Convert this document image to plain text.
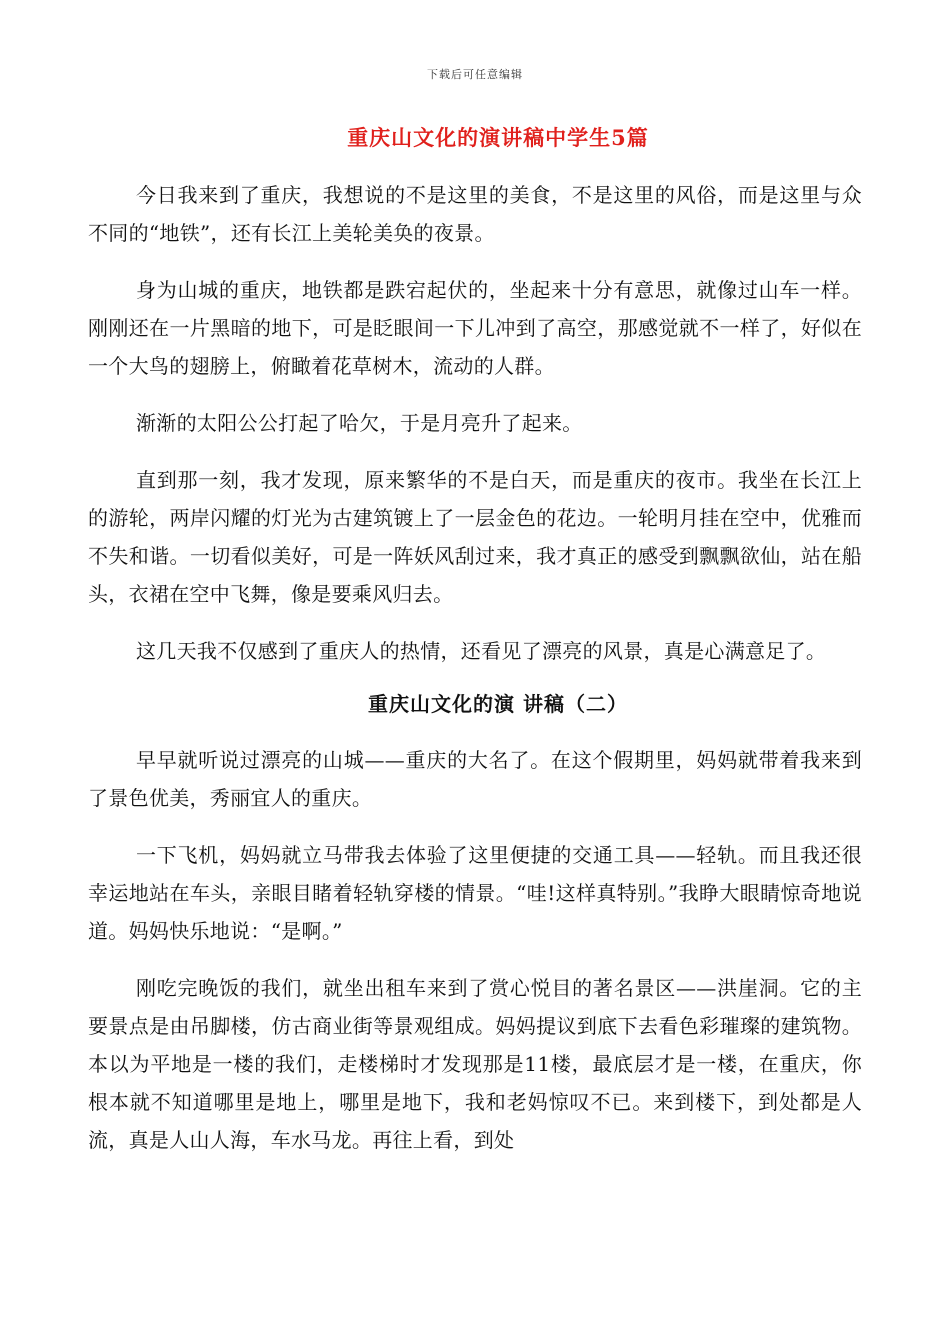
下载后可任意编辑
重庆山文化的演讲稿中学生5篇

今日我来到了重庆，我想说的不是这里的美食，不是这里的风俗，而是这里与众不同的“地铁”，还有长江上美轮美奂的夜景。

身为山城的重庆，地铁都是跌宕起伏的，坐起来十分有意思，就像过山车一样。刚刚还在一片黑暗的地下，可是眨眼间一下儿冲到了高空，那感觉就不一样了，好似在一个大鸟的翅膀上，俯瞰着花草树木，流动的人群。

渐渐的太阳公公打起了哈欠，于是月亮升了起来。

直到那一刻，我才发现，原来繁华的不是白天，而是重庆的夜市。我坐在长江上的游轮，两岸闪耀的灯光为古建筑镀上了一层金色的花边。一轮明月挂在空中，优雅而不失和谐。一切看似美好，可是一阵妖风刮过来，我才真正的感受到飘飘欲仙，站在船头，衣裙在空中飞舞，像是要乘风归去。

这几天我不仅感到了重庆人的热情，还看见了漂亮的风景，真是心满意足了。

重庆山文化的演 讲稿（二）

早早就听说过漂亮的山城——重庆的大名了。在这个假期里，妈妈就带着我来到了景色优美，秀丽宜人的重庆。

一下飞机，妈妈就立马带我去体验了这里便捷的交通工具——轻轨。而且我还很幸运地站在车头，亲眼目睹着轻轨穿楼的情景。“哇!这样真特别。”我睁大眼睛惊奇地说道。妈妈快乐地说：“是啊。”

刚吃完晚饭的我们，就坐出租车来到了赏心悦目的著名景区——洪崖洞。它的主要景点是由吊脚楼，仿古商业街等景观组成。妈妈提议到底下去看色彩璀璨的建筑物。本以为平地是一楼的我们，走楼梯时才发现那是11楼，最底层才是一楼，在重庆，你根本就不知道哪里是地上，哪里是地下，我和老妈惊叹不已。来到楼下，到处都是人流，真是人山人海，车水马龙。再往上看，到处
